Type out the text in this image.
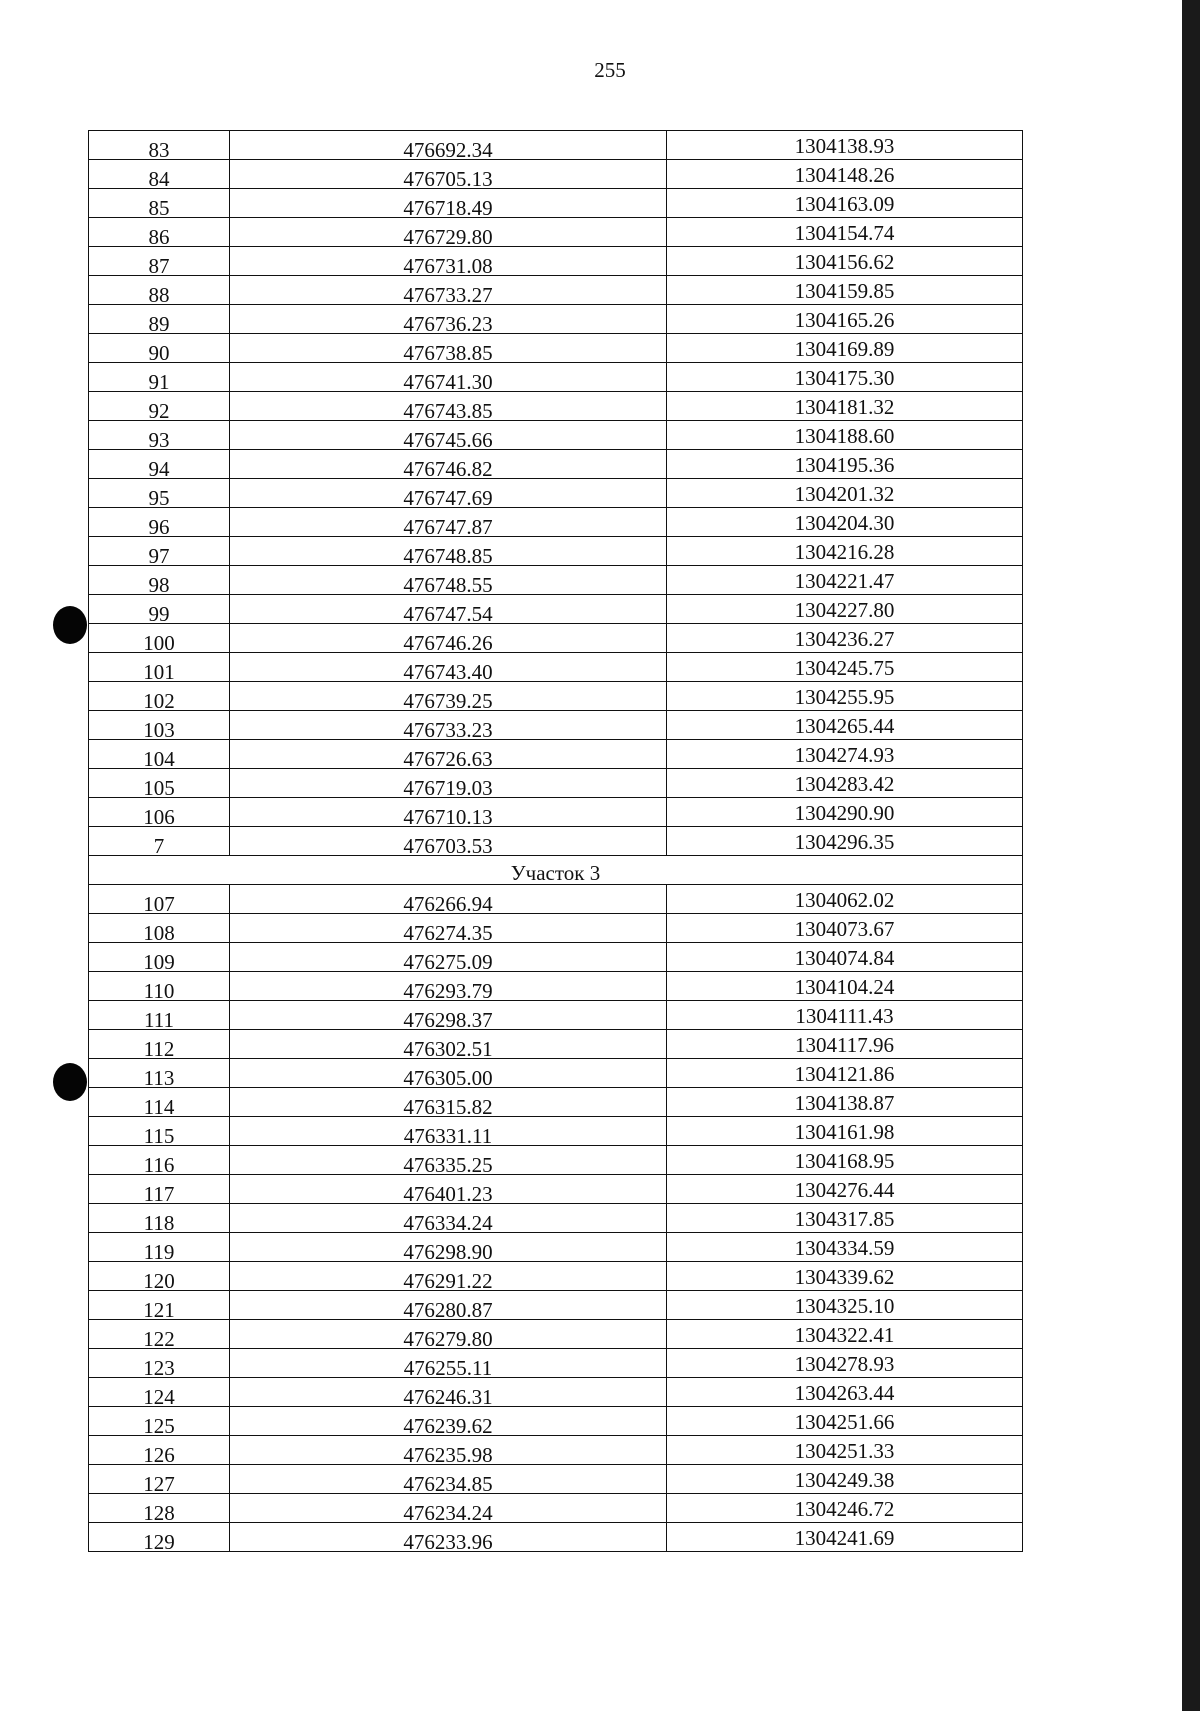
255
83	476692.34	1304138.93
84	476705.13	1304148.26
85	476718.49	1304163.09
86	476729.80	1304154.74
87	476731.08	1304156.62
88	476733.27	1304159.85
89	476736.23	1304165.26
90	476738.85	1304169.89
91	476741.30	1304175.30
92	476743.85	1304181.32
93	476745.66	1304188.60
94	476746.82	1304195.36
95	476747.69	1304201.32
96	476747.87	1304204.30
97	476748.85	1304216.28
98	476748.55	1304221.47
99	476747.54	1304227.80
100	476746.26	1304236.27
101	476743.40	1304245.75
102	476739.25	1304255.95
103	476733.23	1304265.44
104	476726.63	1304274.93
105	476719.03	1304283.42
106	476710.13	1304290.90
7	476703.53	1304296.35
Участок 3		
107	476266.94	1304062.02
108	476274.35	1304073.67
109	476275.09	1304074.84
110	476293.79	1304104.24
111	476298.37	1304111.43
112	476302.51	1304117.96
113	476305.00	1304121.86
114	476315.82	1304138.87
115	476331.11	1304161.98
116	476335.25	1304168.95
117	476401.23	1304276.44
118	476334.24	1304317.85
119	476298.90	1304334.59
120	476291.22	1304339.62
121	476280.87	1304325.10
122	476279.80	1304322.41
123	476255.11	1304278.93
124	476246.31	1304263.44
125	476239.62	1304251.66
126	476235.98	1304251.33
127	476234.85	1304249.38
128	476234.24	1304246.72
129	476233.96	1304241.69
